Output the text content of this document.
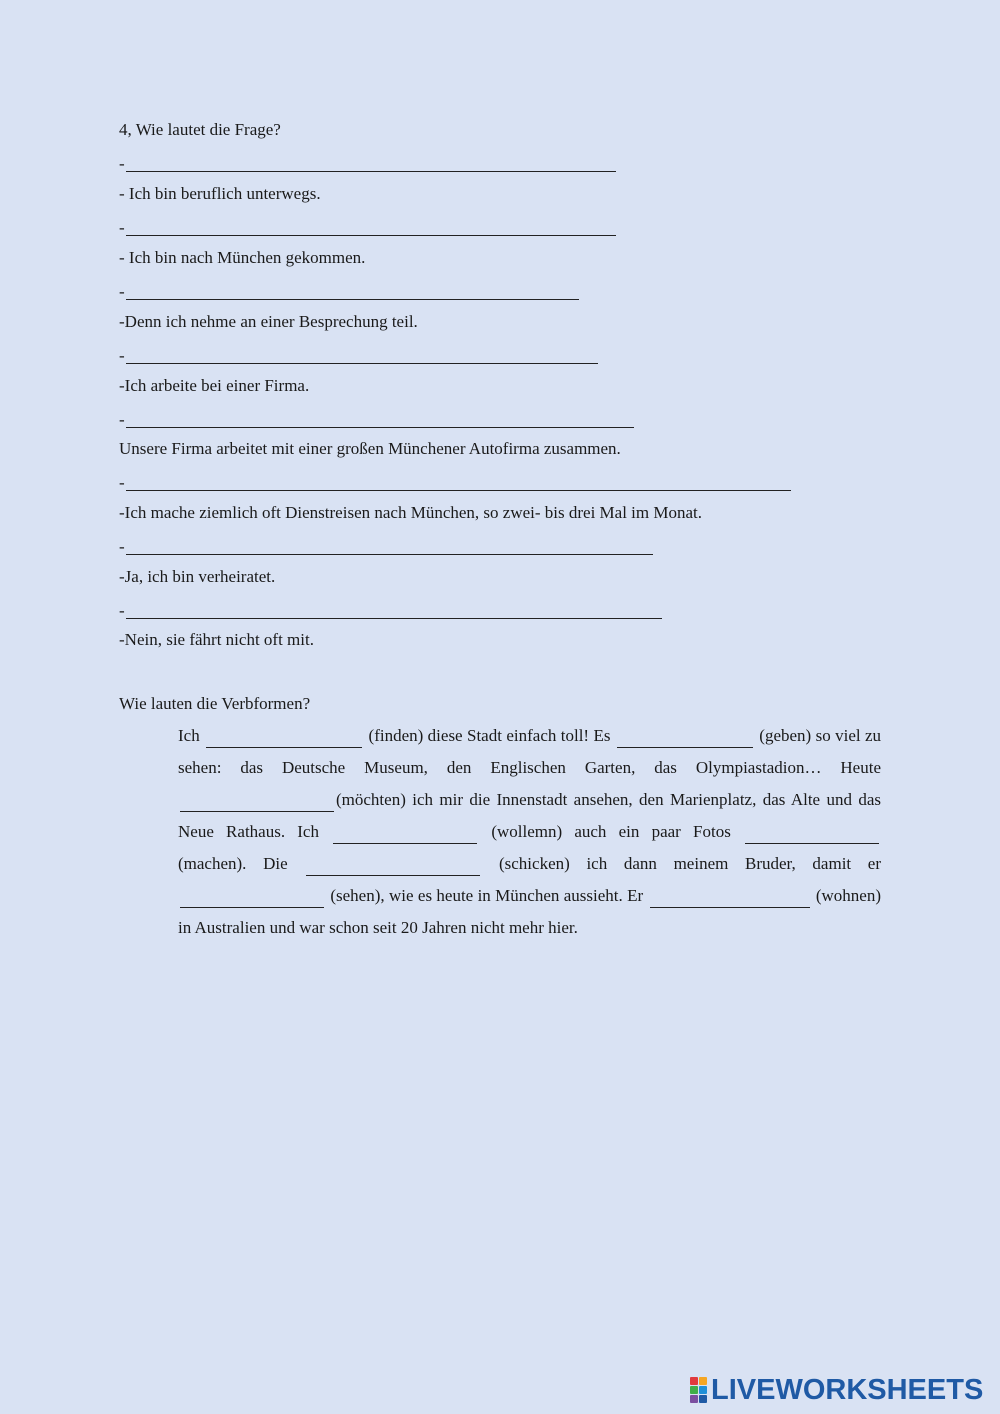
4, Wie lautet die Frage?
-
- Ich bin beruflich unterwegs.
-
- Ich bin nach München gekommen.
-
-Denn ich nehme an einer Besprechung teil.
-
-Ich arbeite bei einer Firma.
-
Unsere Firma arbeitet mit einer großen Münchener Autofirma zusammen.
-
-Ich mache ziemlich oft Dienstreisen nach München, so zwei- bis drei Mal im Monat.
-
-Ja, ich bin verheiratet.
-
-Nein, sie fährt nicht oft mit.
Wie lauten die Verbformen?
Ich	(finden) diese Stadt einfach toll! Es	(geben) so viel zu sehen: das Deutsche Museum, den Englischen Garten, das Olympiastadion… Heute (möchten) ich mir die Innenstadt ansehen, den Marienplatz, das Alte und das Neue Rathaus. Ich	(wollemn) auch ein paar Fotos  (machen). Die	(schicken) ich dann meinem Bruder, damit er  (sehen), wie es heute in München aussieht. Er	(wohnen) in Australien und war schon seit 20 Jahren nicht mehr hier.
LIVEWORKSHEETS
